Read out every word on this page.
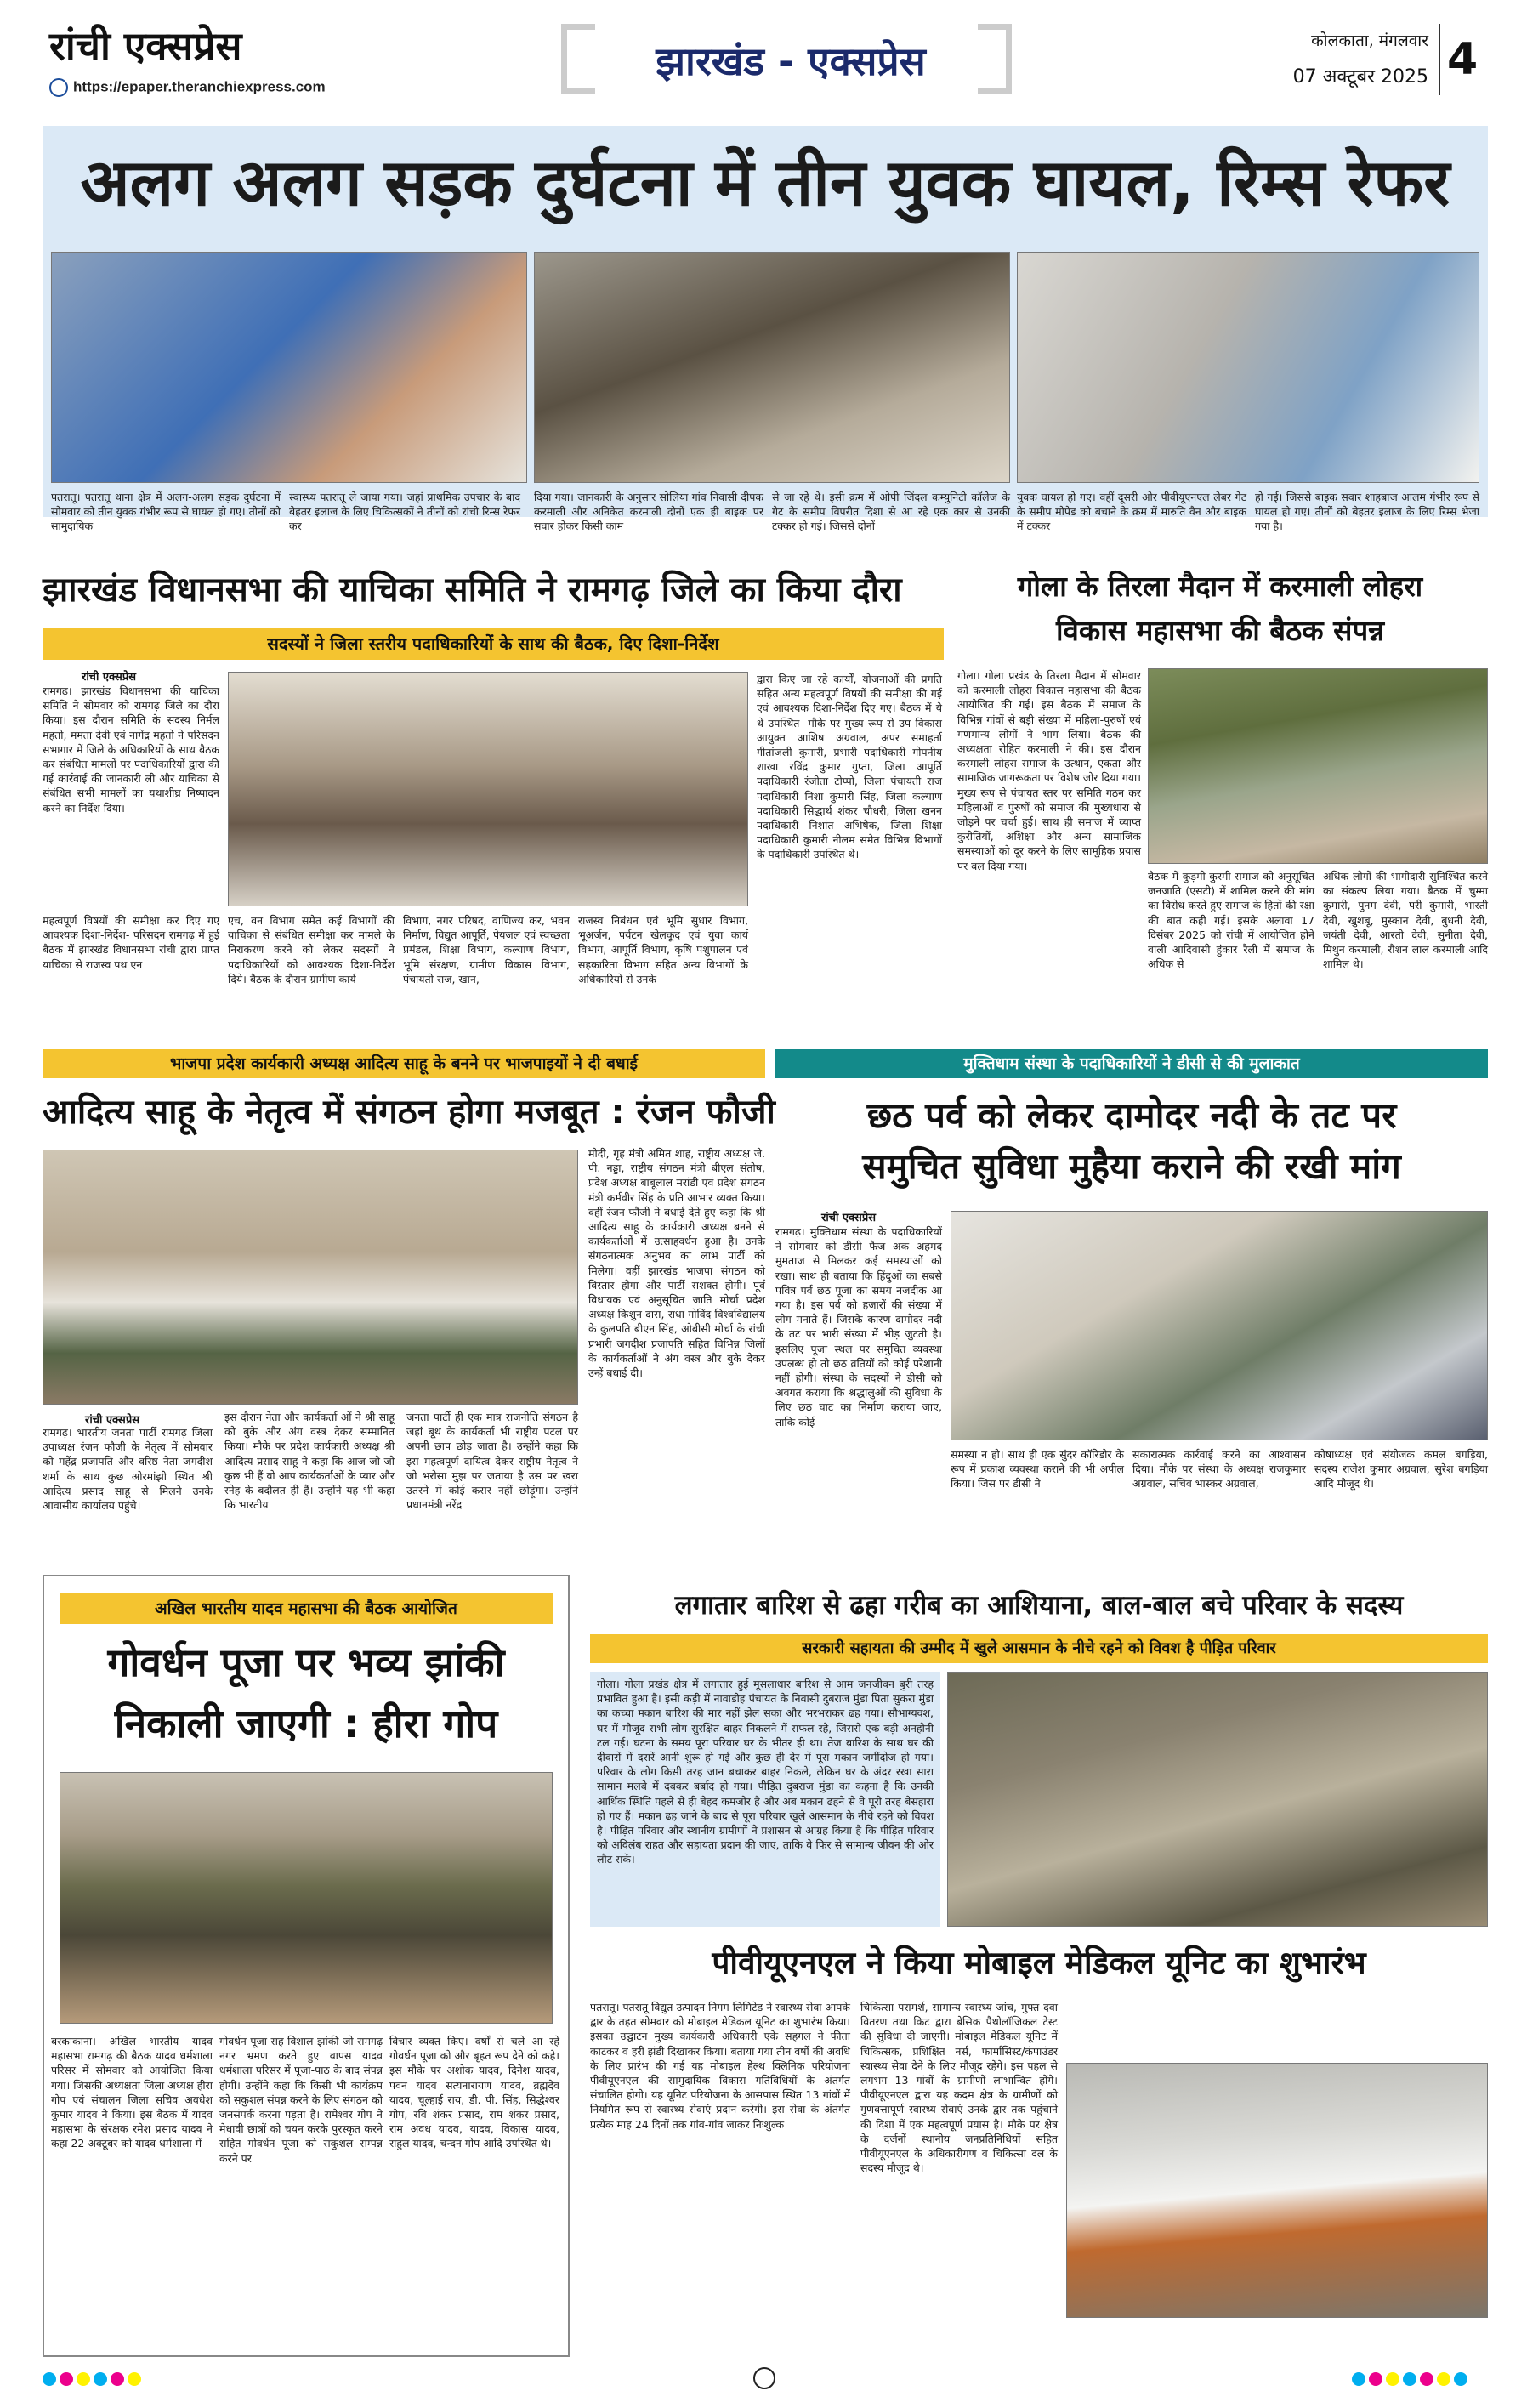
रांची एक्सप्रेस
https://epaper.theranchiexpress.com
झारखंड - एक्सप्रेस	कोलकाता, मंगलवार
07 अक्टूबर 2025 4
अलग अलग सड़क दुर्घटना में तीन युवक घायल, रिम्स रेफर
पतरातू। पतरातू थाना क्षेत्र में अलग-अलग सड़क दुर्घटना में सोमवार को तीन युवक गंभीर रूप से घायल हो गए। तीनों को सामुदायिक
स्वास्थ्य पतरातू ले जाया गया। जहां प्राथमिक उपचार के बाद बेहतर इलाज के लिए चिकित्सकों ने तीनों को रांची रिम्स रेफर कर
दिया गया। जानकारी के अनुसार सोलिया गांव निवासी दीपक करमाली और अनिकेत करमाली दोनों एक ही बाइक पर सवार होकर किसी काम
से जा रहे थे। इसी क्रम में ओपी जिंदल कम्युनिटी कॉलेज के गेट के समीप विपरीत दिशा से आ रहे एक कार से उनकी टक्कर हो गई। जिससे दोनों
युवक घायल हो गए। वहीं दूसरी ओर पीवीयूएनएल लेबर गेट के समीप मोपेड को बचाने के क्रम में मारुति वैन और बाइक में टक्कर
हो गई। जिससे बाइक सवार शाहबाज आलम गंभीर रूप से घायल हो गए। तीनों को बेहतर इलाज के लिए रिम्स भेजा गया है।
झारखंड विधानसभा की याचिका समिति ने रामगढ़ जिले का किया दौरा
सदस्यों ने जिला स्तरीय पदाधिकारियों के साथ की बैठक, दिए दिशा-निर्देश
रांची एक्सप्रेस
रामगढ़। झारखंड विधानसभा की याचिका समिति ने सोमवार को रामगढ़ जिले का दौरा किया। इस दौरान समिति के सदस्य निर्मल महतो, ममता देवी एवं नागेंद्र महतो ने परिसदन सभागार में जिले के अधिकारियों के साथ बैठक कर संबंधित मामलों पर पदाधिकारियों द्वारा की गई कार्रवाई की जानकारी ली और याचिका से संबंधित सभी मामलों का यथाशीघ्र निष्पादन करने का निर्देश दिया।
महत्वपूर्ण विषयों की समीक्षा कर दिए गए आवश्यक दिशा-निर्देश- परिसदन रामगढ़ में हुई बैठक में झारखंड विधानसभा रांची द्वारा प्राप्त याचिका से राजस्व पथ एन
एच, वन विभाग समेत कई विभागों की याचिका से संबंधित समीक्षा कर मामले के निराकरण करने को लेकर सदस्यों ने पदाधिकारियों को आवश्यक दिशा-निर्देश दिये। बैठक के दौरान ग्रामीण कार्य
विभाग, नगर परिषद, वाणिज्य कर, भवन निर्माण, विद्युत आपूर्ति, पेयजल एवं स्वच्छता प्रमंडल, शिक्षा विभाग, कल्याण विभाग, भूमि संरक्षण, ग्रामीण विकास विभाग, पंचायती राज, खान,
राजस्व निबंधन एवं भूमि सुधार विभाग, भूअर्जन, पर्यटन खेलकूद एवं युवा कार्य विभाग, आपूर्ति विभाग, कृषि पशुपालन एवं सहकारिता विभाग सहित अन्य विभागों के अधिकारियों से उनके
द्वारा किए जा रहे कार्यों, योजनाओं की प्रगति सहित अन्य महत्वपूर्ण विषयों की समीक्षा की गई एवं आवश्यक दिशा-निर्देश दिए गए। बैठक में ये थे उपस्थित- मौके पर मुख्य रूप से उप विकास आयुक्त आशिष अग्रवाल, अपर समाहर्ता गीतांजली कुमारी, प्रभारी पदाधिकारी गोपनीय शाखा रविंद्र कुमार गुप्ता, जिला आपूर्ति पदाधिकारी रंजीता टोप्पो, जिला पंचायती राज पदाधिकारी निशा कुमारी सिंह, जिला कल्याण पदाधिकारी सिद्धार्थ शंकर चौधरी, जिला खनन पदाधिकारी निशांत अभिषेक, जिला शिक्षा पदाधिकारी कुमारी नीलम समेत विभिन्न विभागों के पदाधिकारी उपस्थित थे।
गोला के तिरला मैदान में करमाली लोहरा
विकास महासभा की बैठक संपन्न
गोला। गोला प्रखंड के तिरला मैदान में सोमवार को करमाली लोहरा विकास महासभा की बैठक आयोजित की गई। इस बैठक में समाज के विभिन्न गांवों से बड़ी संख्या में महिला-पुरुषों एवं गणमान्य लोगों ने भाग लिया। बैठक की अध्यक्षता रोहित करमाली ने की। इस दौरान करमाली लोहरा समाज के उत्थान, एकता और सामाजिक जागरूकता पर विशेष जोर दिया गया। मुख्य रूप से पंचायत स्तर पर समिति गठन कर महिलाओं व पुरुषों को समाज की मुख्यधारा से जोड़ने पर चर्चा हुई। साथ ही समाज में व्याप्त कुरीतियों, अशिक्षा और अन्य सामाजिक समस्याओं को दूर करने के लिए सामूहिक प्रयास पर बल दिया गया।
बैठक में कुड़मी-कुरमी समाज को अनुसूचित जनजाति (एसटी) में शामिल करने की मांग का विरोध करते हुए समाज के हितों की रक्षा की बात कही गई। इसके अलावा 17 दिसंबर 2025 को रांची में आयोजित होने वाली आदिवासी हुंकार रैली में समाज के अधिक से
अधिक लोगों की भागीदारी सुनिश्चित करने का संकल्प लिया गया। बैठक में चुम्मा कुमारी, पुनम देवी, परी कुमारी, भारती देवी, खुशबू, मुस्कान देवी, बुधनी देवी, जयंती देवी, आरती देवी, सुनीता देवी, मिथुन करमाली, रौशन लाल करमाली आदि शामिल थे।
भाजपा प्रदेश कार्यकारी अध्यक्ष आदित्य साहू के बनने पर भाजपाइयों ने दी बधाई
आदित्य साहू के नेतृत्व में संगठन होगा मजबूत : रंजन फौजी
मोदी, गृह मंत्री अमित शाह, राष्ट्रीय अध्यक्ष जे. पी. नड्डा, राष्ट्रीय संगठन मंत्री बीएल संतोष, प्रदेश अध्यक्ष बाबूलाल मरांडी एवं प्रदेश संगठन मंत्री कर्मवीर सिंह के प्रति आभार व्यक्त किया। वहीं रंजन फौजी ने बधाई देते हुए कहा कि श्री आदित्य साहू के कार्यकारी अध्यक्ष बनने से कार्यकर्ताओं में उत्साहवर्धन हुआ है। उनके संगठनात्मक अनुभव का लाभ पार्टी को मिलेगा। वहीं झारखंड भाजपा संगठन को विस्तार होगा और पार्टी सशक्त होगी। पूर्व विधायक एवं अनुसूचित जाति मोर्चा प्रदेश अध्यक्ष किशुन दास, राधा गोविंद विश्वविद्यालय के कुलपति बीएन सिंह, ओबीसी मोर्चा के रांची प्रभारी जगदीश प्रजापति सहित विभिन्न जिलों के कार्यकर्ताओं ने अंग वस्त्र और बुके देकर उन्हें बधाई दी।
रांची एक्सप्रेस
रामगढ़। भारतीय जनता पार्टी रामगढ़ जिला उपाध्यक्ष रंजन फौजी के नेतृत्व में सोमवार को महेंद्र प्रजापति और वरिष्ठ नेता जगदीश शर्मा के साथ कुछ ओरमांझी स्थित श्री आदित्य प्रसाद साहू से मिलने उनके आवासीय कार्यालय पहुंचे।
इस दौरान नेता और कार्यकर्ता ओं ने श्री साहू को बुके और अंग वस्त्र देकर सम्मानित किया। मौके पर प्रदेश कार्यकारी अध्यक्ष श्री आदित्य प्रसाद साहू ने कहा कि आज जो जो कुछ भी हैं वो आप कार्यकर्ताओं के प्यार और स्नेह के बदौलत ही हैं। उन्होंने यह भी कहा कि भारतीय
जनता पार्टी ही एक मात्र राजनीति संगठन है जहां बूथ के कार्यकर्ता भी राष्ट्रीय पटल पर अपनी छाप छोड़ जाता है। उन्होंने कहा कि इस महत्वपूर्ण दायित्व देकर राष्ट्रीय नेतृत्व ने जो भरोसा मुझ पर जताया है उस पर खरा उतरने में कोई कसर नहीं छोड़ूंगा। उन्होंने प्रधानमंत्री नरेंद्र
मुक्तिधाम संस्था के पदाधिकारियों ने डीसी से की मुलाकात
छठ पर्व को लेकर दामोदर नदी के तट पर
समुचित सुविधा मुहैया कराने की रखी मांग
रांची एक्सप्रेस
रामगढ़। मुक्तिधाम संस्था के पदाधिकारियों ने सोमवार को डीसी फैज अक अहमद मुमताज से मिलकर कई समस्याओं को रखा। साथ ही बताया कि हिंदुओं का सबसे पवित्र पर्व छठ पूजा का समय नजदीक आ गया है। इस पर्व को हजारों की संख्या में लोग मनाते हैं। जिसके कारण दामोदर नदी के तट पर भारी संख्या में भीड़ जुटती है। इसलिए पूजा स्थल पर समुचित व्यवस्था उपलब्ध हो तो छठ व्रतियों को कोई परेशानी नहीं होगी। संस्था के सदस्यों ने डीसी को अवगत कराया कि श्रद्धालुओं की सुविधा के लिए छठ घाट का निर्माण कराया जाए, ताकि कोई
समस्या न हो। साथ ही एक सुंदर कॉरिडोर के रूप में प्रकाश व्यवस्था कराने की भी अपील किया। जिस पर डीसी ने
सकारात्मक कार्रवाई करने का आश्वासन दिया। मौके पर संस्था के अध्यक्ष राजकुमार अग्रवाल, सचिव भास्कर अग्रवाल,
कोषाध्यक्ष एवं संयोजक कमल बगड़िया, सदस्य राजेश कुमार अग्रवाल, सुरेश बगड़िया आदि मौजूद थे।
अखिल भारतीय यादव महासभा की बैठक आयोजित
गोवर्धन पूजा पर भव्य झांकी
निकाली जाएगी : हीरा गोप
बरकाकाना। अखिल भारतीय यादव महासभा रामगढ़ की बैठक यादव धर्मशाला परिसर में सोमवार को आयोजित किया गया। जिसकी अध्यक्षता जिला अध्यक्ष हीरा गोप एवं संचालन जिला सचिव अवधेश कुमार यादव ने किया। इस बैठक में यादव महासभा के संरक्षक रमेश प्रसाद यादव ने कहा 22 अक्टूबर को यादव धर्मशाला में
गोवर्धन पूजा सह विशाल झांकी जो रामगढ़ नगर भ्रमण करते हुए वापस यादव धर्मशाला परिसर में पूजा-पाठ के बाद संपन्न होगी। उन्होंने कहा कि किसी भी कार्यक्रम को सकुशल संपन्न करने के लिए संगठन को जनसंपर्क करना पड़ता है। रामेश्वर गोप ने मेधावी छात्रों को चयन करके पुरस्कृत करने सहित गोवर्धन पूजा को सकुशल सम्पन्न करने पर
विचार व्यक्त किए। वर्षों से चले आ रहे गोवर्धन पूजा को और बृहत रूप देने को कहे। इस मौके पर अशोक यादव, दिनेश यादव, पवन यादव सत्यनारायण यादव, ब्रह्मदेव यादव, चूल्हाई राय, डी. पी. सिंह, सिद्धेश्वर गोप, रवि शंकर प्रसाद, राम शंकर प्रसाद, राम अवध यादव, यादव, विकास यादव, राहुल यादव, चन्दन गोप आदि उपस्थित थे।
लगातार बारिश से ढहा गरीब का आशियाना, बाल-बाल बचे परिवार के सदस्य
सरकारी सहायता की उम्मीद में खुले आसमान के नीचे रहने को विवश है पीड़ित परिवार
गोला। गोला प्रखंड क्षेत्र में लगातार हुई मूसलाधार बारिश से आम जनजीवन बुरी तरह प्रभावित हुआ है। इसी कड़ी में नावाडीह पंचायत के निवासी दुबराज मुंडा पिता सुकरा मुंडा का कच्चा मकान बारिश की मार नहीं झेल सका और भरभराकर ढह गया। सौभाग्यवश, घर में मौजूद सभी लोग सुरक्षित बाहर निकलने में सफल रहे, जिससे एक बड़ी अनहोनी टल गई। घटना के समय पूरा परिवार घर के भीतर ही था। तेज बारिश के साथ घर की दीवारों में दरारें आनी शुरू हो गई और कुछ ही देर में पूरा मकान जमींदोज हो गया। परिवार के लोग किसी तरह जान बचाकर बाहर निकले, लेकिन घर के अंदर रखा सारा सामान मलबे में दबकर बर्बाद हो गया। पीड़ित दुबराज मुंडा का कहना है कि उनकी आर्थिक स्थिति पहले से ही बेहद कमजोर है और अब मकान ढहने से वे पूरी तरह बेसहारा हो गए हैं। मकान ढह जाने के बाद से पूरा परिवार खुले आसमान के नीचे रहने को विवश है। पीड़ित परिवार और स्थानीय ग्रामीणों ने प्रशासन से आग्रह किया है कि पीड़ित परिवार को अविलंब राहत और सहायता प्रदान की जाए, ताकि वे फिर से सामान्य जीवन की ओर लौट सकें।
पीवीयूएनएल ने किया मोबाइल मेडिकल यूनिट का शुभारंभ
पतरातू। पतरातू विद्युत उत्पादन निगम लिमिटेड ने स्वास्थ्य सेवा आपके द्वार के तहत सोमवार को मोबाइल मेडिकल यूनिट का शुभारंभ किया। इसका उद्घाटन मुख्य कार्यकारी अधिकारी एके सहगल ने फीता काटकर व हरी झंडी दिखाकर किया। बताया गया तीन वर्षों की अवधि के लिए प्रारंभ की गई यह मोबाइल हेल्थ क्लिनिक परियोजना पीवीयूएनएल की सामुदायिक विकास गतिविधियों के अंतर्गत संचालित होगी। यह यूनिट परियोजना के आसपास स्थित 13 गांवों में नियमित रूप से स्वास्थ्य सेवाएं प्रदान करेगी। इस सेवा के अंतर्गत प्रत्येक माह 24 दिनों तक गांव-गांव जाकर निःशुल्क
चिकित्सा परामर्श, सामान्य स्वास्थ्य जांच, मुफ्त दवा वितरण तथा किट द्वारा बेसिक पैथोलॉजिकल टेस्ट की सुविधा दी जाएगी। मोबाइल मेडिकल यूनिट में चिकित्सक, प्रशिक्षित नर्स, फार्मासिस्ट/कंपाउंडर स्वास्थ्य सेवा देने के लिए मौजूद रहेंगे। इस पहल से लगभग 13 गांवों के ग्रामीणों लाभान्वित होंगे। पीवीयूएनएल द्वारा यह कदम क्षेत्र के ग्रामीणों को गुणवत्तापूर्ण स्वास्थ्य सेवाएं उनके द्वार तक पहुंचाने की दिशा में एक महत्वपूर्ण प्रयास है। मौके पर क्षेत्र के दर्जनों स्थानीय जनप्रतिनिधियों सहित पीवीयूएनएल के अधिकारीगण व चिकित्सा दल के सदस्य मौजूद थे।
